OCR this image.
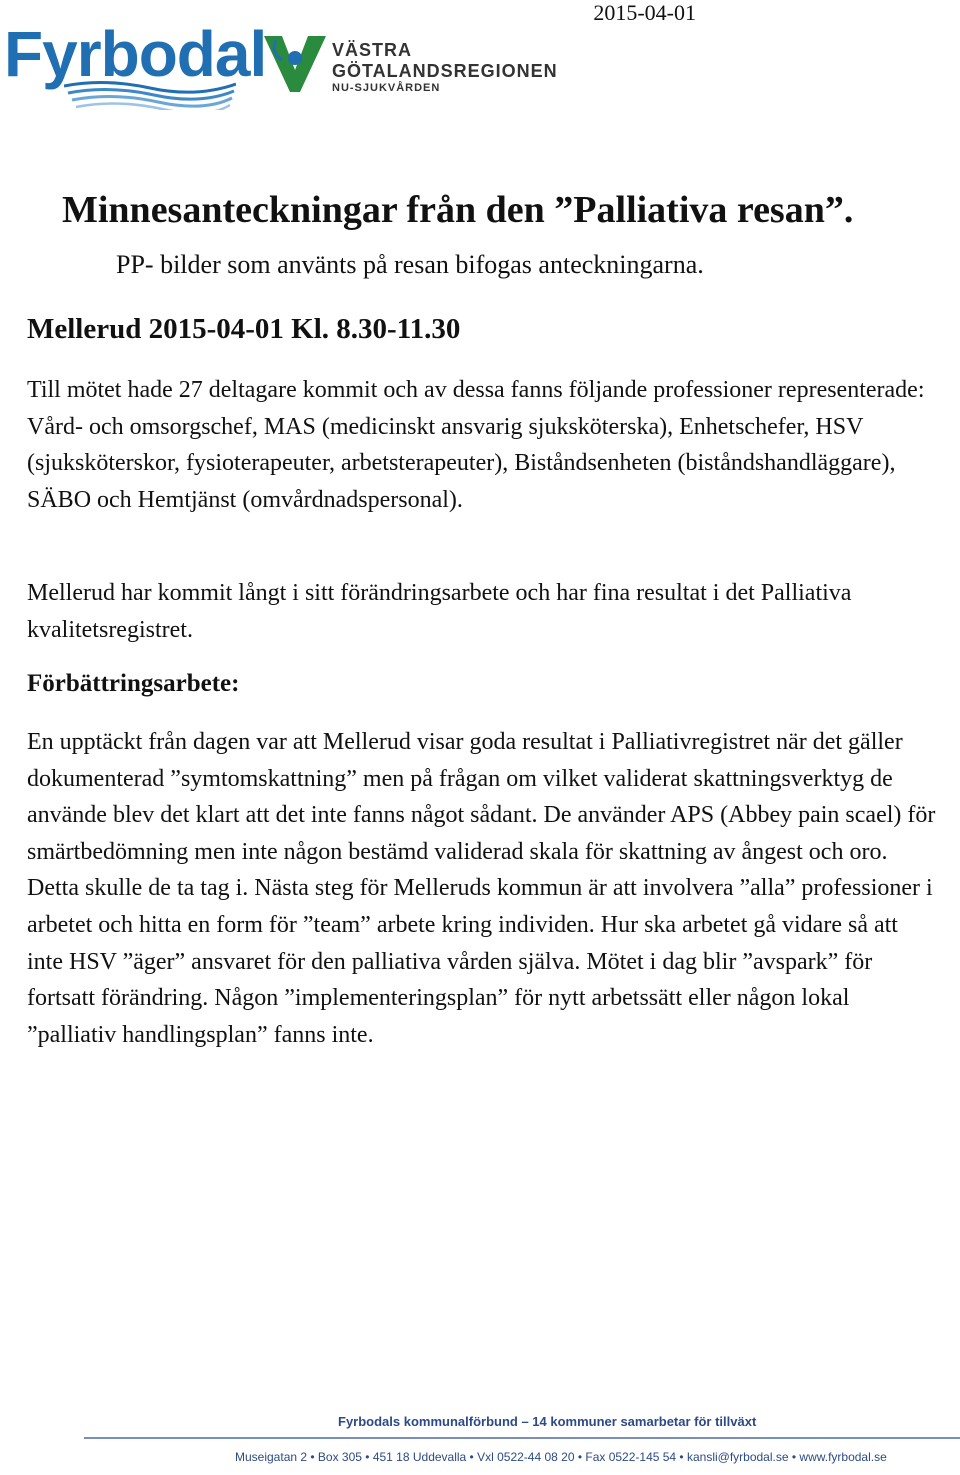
2015-04-01
Fyrbodal	VÄSTRA
GÖTALANDSREGIONEN
NU-SJUKVÅRDEN
Minnesanteckningar från den ”Palliativa resan”.
PP- bilder som använts på resan bifogas anteckningarna.
Mellerud 2015-04-01 Kl. 8.30-11.30
Till mötet hade 27 deltagare kommit och av dessa fanns följande professioner representerade: Vård- och omsorgschef, MAS (medicinskt ansvarig sjuksköterska), Enhetschefer, HSV (sjuksköterskor, fysioterapeuter, arbetsterapeuter), Biståndsenheten (biståndshandläggare), SÄBO och Hemtjänst (omvårdnadspersonal).
Mellerud har kommit långt i sitt förändringsarbete och har fina resultat i det Palliativa kvalitetsregistret.
Förbättringsarbete:
En upptäckt från dagen var att Mellerud visar goda resultat i Palliativregistret när det gäller dokumenterad ”symtomskattning” men på frågan om vilket validerat skattningsverktyg de använde blev det klart att det inte fanns något sådant. De använder APS (Abbey pain scael) för smärtbedömning men inte någon bestämd validerad skala för skattning av ångest och oro. Detta skulle de ta tag i. Nästa steg för Melleruds kommun är att involvera ”alla” professioner i arbetet och hitta en form för ”team” arbete kring individen. Hur ska arbetet gå vidare så att inte HSV ”äger” ansvaret för den palliativa vården själva. Mötet i dag blir ”avspark” för fortsatt förändring. Någon ”implementeringsplan” för nytt arbetssätt eller någon lokal ”palliativ handlingsplan” fanns inte.
Fyrbodals kommunalförbund – 14 kommuner samarbetar för tillväxt
Museigatan 2 • Box 305 • 451 18 Uddevalla • Vxl 0522-44 08 20 • Fax 0522-145 54 • kansli@fyrbodal.se • www.fyrbodal.se
